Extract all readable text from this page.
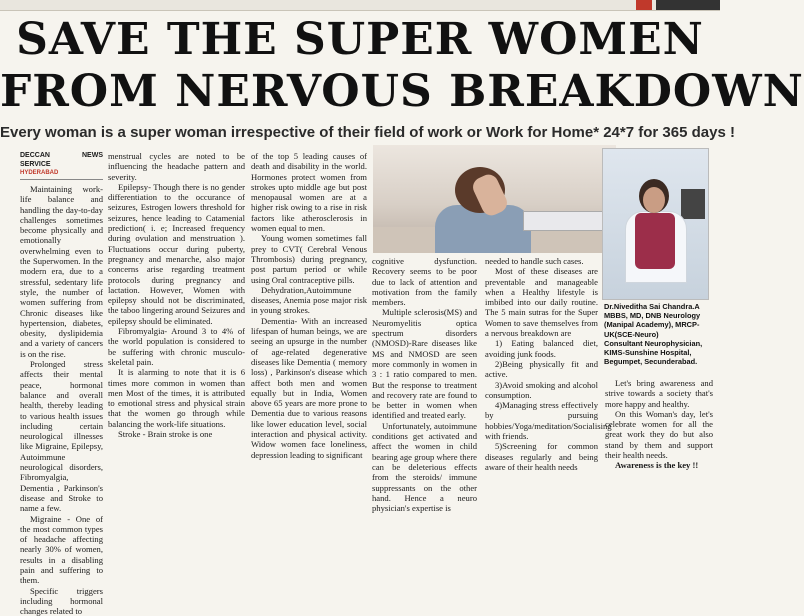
SAVE THE SUPER WOMEN
FROM NERVOUS BREAKDOWN
Every woman is a super woman irrespective of their field of work or Work for Home* 24*7 for 365 days !
DECCAN NEWS SERVICE
HYDERABAD

Maintaining work-life balance and handling the day-to-day challenges sometimes become physically and emotionally overwhelming even to the Superwomen. In the modern era, due to a stressful, sedentary life style, the number of women suffering from Chronic diseases like hypertension, diabetes, obesity, dyslipidemia and a variety of cancers is on the rise.

Prolonged stress affects their mental peace, hormonal balance and overall health, thereby leading to various health issues including certain neurological illnesses like Migraine, Epilepsy, Autoimmune neurological disorders, Fibromyalgia, Dementia , Parkinson's disease and Stroke to name a few.

Migraine - One of the most common types of headache affecting nearly 30% of women, results in a disabling pain and suffering to them.

Specific triggers including hormonal changes related to

menstrual cycles are noted to be influencing the headache pattern and severity.

Epilepsy- Though there is no gender differentiation to the occurance of seizures, Estrogen lowers threshold for seizures, hence leading to Catamenial prediction( i. e; Increased frequency during ovulation and menstruation ). Fluctuations occur during puberty, pregnancy and menarche, also major concerns arise regarding treatment protocols during pregnancy and lactation. However, Women with epilepsy should not be discriminated, the taboo lingering around Seizures and epilepsy should be eliminated.

Fibromyalgia- Around 3 to 4% of the world population is considered to be suffering with chronic musculo-skeletal pain.

It is alarming to note that it is 6 times more common in women than men Most of the times, it is attributed to emotional stress and physical strain that the women go through while balancing the work-life situations.

Stroke - Brain stroke is one

of the top 5 leading causes of death and disability in the world. Hormones protect women from strokes upto middle age but post menopausal women are at a higher risk owing to a rise in risk factors like atherosclerosis in women equal to men.

Young women sometimes fall prey to CVT( Cerebral Venous Thrombosis) during pregnancy, post partum period or while using Oral contraceptive pills.

Dehydration,Autoimmune diseases, Anemia pose major risk in young strokes.

Dementia- With an increased lifespan of human beings, we are seeing an upsurge in the number of age-related degenerative diseases like Dementia ( memory loss) , Parkinson's disease which affect both men and women equally but in India, Women above 65 years are more prone to Dementia due to various reasons like lower education level, social interaction and physical activity. Widow women face loneliness, depression leading to significant

cognitive dysfunction. Recovery seems to be poor due to lack of attention and motivation from the family members.

Multiple sclerosis(MS) and Neuromyelitis optica spectrum disorders (NMOSD)-Rare diseases like MS and NMOSD are seen more commonly in women in 3 : 1 ratio compared to men. But the response to treatment and recovery rate are found to be better in women when identified and treated early.

Unfortunately, autoimmune conditions get activated and affect the women in child bearing age group where there can be deleterious effects from the steroids/ immune suppressants on the other hand. Hence a neuro physician's expertise is

needed to handle such cases.

Most of these diseases are preventable and manageable when a Healthy lifestyle is imbibed into our daily routine. The 5 main sutras for the Super Women to save themselves from a nervous breakdown are

1) Eating balanced diet, avoiding junk foods.

2)Being physically fit and active.

3)Avoid smoking and alcohol consumption.

4)Managing stress effectively by pursuing hobbies/Yoga/meditation/Socialising with friends.

5)Screening for common diseases regularly and being aware of their health needs

Dr.Niveditha Sai Chandra.A
MBBS, MD, DNB Neurology
(Manipal Academy), MRCP-
UK(SCE-Neuro)
Consultant Neurophysician,
KIMS-Sunshine Hospital,
Begumpet, Secunderabad.

Let's bring awareness and strive towards a society that's more happy and healthy.

On this Woman's day, let's celebrate women for all the great work they do but also stand by them and support their health needs.

Awareness is the key !!
